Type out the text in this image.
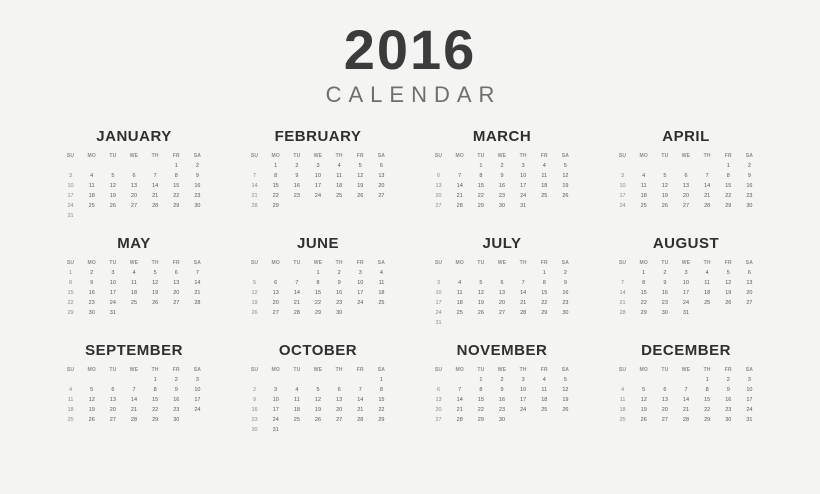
2016
CALENDAR
JANUARY
SU	MO	TU	WE	TH	FR	SA
					1	2
3	4	5	6	7	8	9
10	11	12	13	14	15	16
17	18	19	20	21	22	23
24	25	26	27	28	29	30
31						
FEBRUARY
SU	MO	TU	WE	TH	FR	SA
	1	2	3	4	5	6
7	8	9	10	11	12	13
14	15	16	17	18	19	20
21	22	23	24	25	26	27
28	29					

MARCH
SU	MO	TU	WE	TH	FR	SA
		1	2	3	4	5
6	7	8	9	10	11	12
13	14	15	16	17	18	19
20	21	22	23	24	25	26
27	28	29	30	31		

APRIL
SU	MO	TU	WE	TH	FR	SA
					1	2
3	4	5	6	7	8	9
10	11	12	13	14	15	16
17	18	19	20	21	22	23
24	25	26	27	28	29	30

MAY
SU	MO	TU	WE	TH	FR	SA
1	2	3	4	5	6	7
8	9	10	11	12	13	14
15	16	17	18	19	20	21
22	23	24	25	26	27	28
29	30	31				

JUNE
SU	MO	TU	WE	TH	FR	SA
			1	2	3	4
5	6	7	8	9	10	11
12	13	14	15	16	17	18
19	20	21	22	23	24	25
26	27	28	29	30		

JULY
SU	MO	TU	WE	TH	FR	SA
					1	2
3	4	5	6	7	8	9
10	11	12	13	14	15	16
17	18	19	20	21	22	23
24	25	26	27	28	29	30
31						
AUGUST
SU	MO	TU	WE	TH	FR	SA
	1	2	3	4	5	6
7	8	9	10	11	12	13
14	15	16	17	18	19	20
21	22	23	24	25	26	27
28	29	30	31			

SEPTEMBER
SU	MO	TU	WE	TH	FR	SA
				1	2	3
4	5	6	7	8	9	10
11	12	13	14	15	16	17
18	19	20	21	22	23	24
25	26	27	28	29	30	

OCTOBER
SU	MO	TU	WE	TH	FR	SA
						1
2	3	4	5	6	7	8
9	10	11	12	13	14	15
16	17	18	19	20	21	22
23	24	25	26	27	28	29
30	31					
NOVEMBER
SU	MO	TU	WE	TH	FR	SA
		1	2	3	4	5
6	7	8	9	10	11	12
13	14	15	16	17	18	19
20	21	22	23	24	25	26
27	28	29	30			

DECEMBER
SU	MO	TU	WE	TH	FR	SA
				1	2	3
4	5	6	7	8	9	10
11	12	13	14	15	16	17
18	19	20	21	22	23	24
25	26	27	28	29	30	31
